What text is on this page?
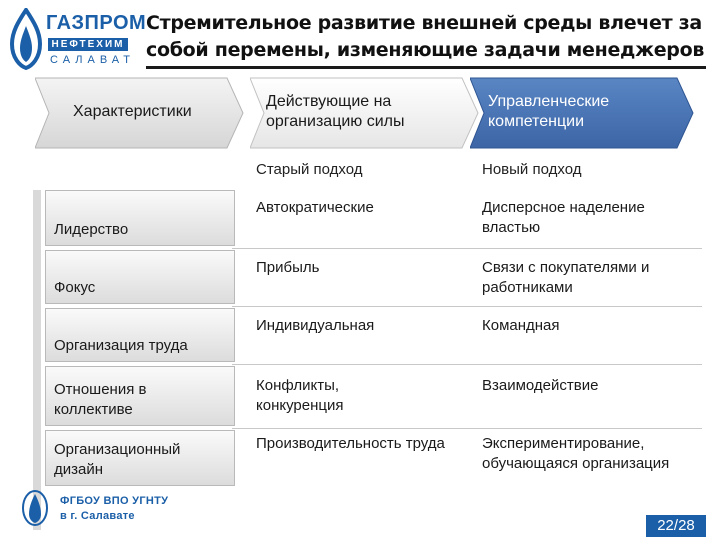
ГАЗПРОМ
НЕФТЕХИМ
САЛАВАТ
Стремительное развитие внешней среды влечет за собой перемены, изменяющие задачи менеджеров
Характеристики
Действующие на организацию силы
Управленческие компетенции
Старый подход	Новый подход
Лидерство
Фокус
Организация труда
Отношения в коллективе
Организационный дизайн
Автократические
Прибыль
Индивидуальная
Конфликты, конкуренция
Производительность труда
Дисперсное наделение властью
Связи с покупателями и работниками
Командная
Взаимодействие
Экспериментирование, обучающаяся организация
ФГБОУ ВПО УГНТУ
в г. Салавате
22/28
